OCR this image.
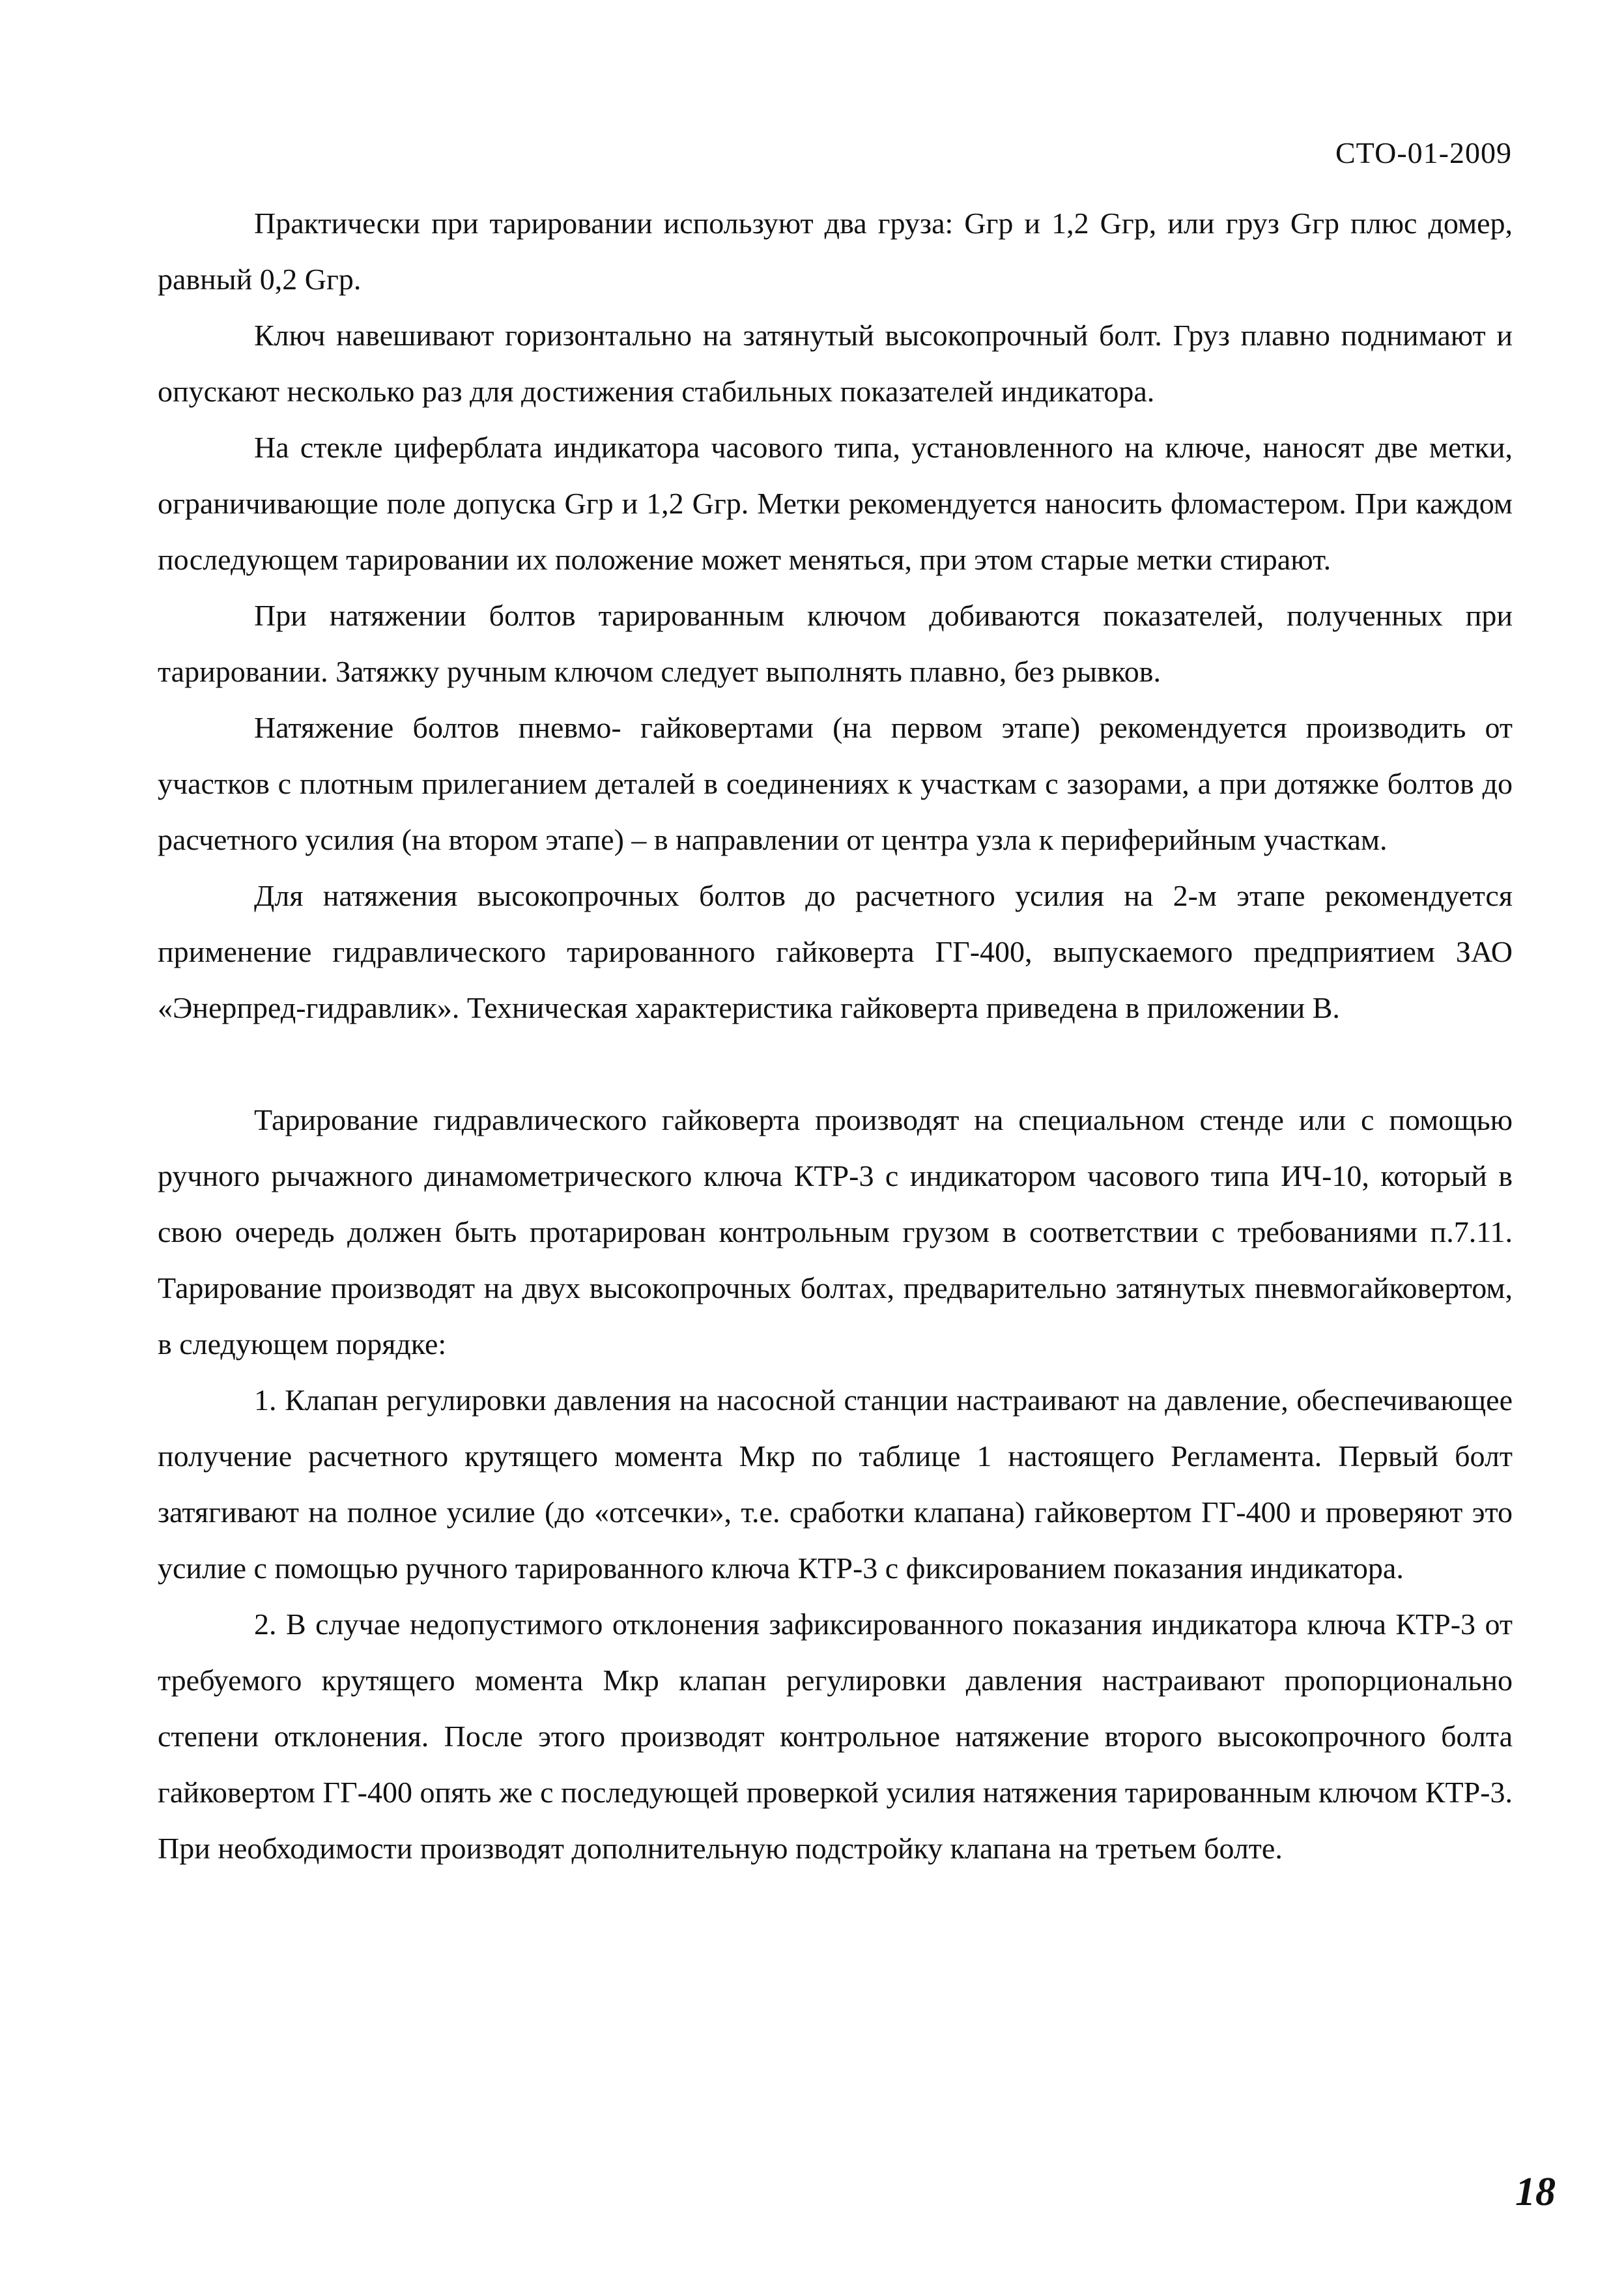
СТО-01-2009

Практически при тарировании используют два груза: Gгр и 1,2 Gгр, или груз Gгр плюс домер, равный 0,2 Gгр.

Ключ навешивают горизонтально на затянутый высокопрочный болт. Груз плавно поднимают и опускают несколько раз для достижения стабильных показателей индикатора.

На стекле циферблата индикатора часового типа, установленного на ключе, наносят две метки, ограничивающие поле допуска Gгр и 1,2 Gгр. Метки рекомендуется наносить фломастером. При каждом последующем тарировании их положение может меняться, при этом старые метки стирают.

При натяжении болтов тарированным ключом добиваются показателей, полученных при тарировании. Затяжку ручным ключом следует выполнять плавно, без рывков.

Натяжение болтов пневмо- гайковертами (на первом этапе) рекомендуется производить от участков с плотным прилеганием деталей в соединениях к участкам с зазорами, а при дотяжке болтов до расчетного усилия (на втором этапе) – в направлении от центра узла к периферийным участкам.

Для натяжения высокопрочных болтов до расчетного усилия на 2-м этапе рекомендуется применение гидравлического тарированного гайковерта ГГ-400, выпускаемого предприятием ЗАО «Энерпред-гидравлик». Техническая характеристика гайковерта приведена в приложении В.

Тарирование гидравлического гайковерта производят на специальном стенде или с помощью ручного рычажного динамометрического ключа КТР-3 с индикатором часового типа ИЧ-10, который в свою очередь должен быть протарирован контрольным грузом в соответствии с требованиями п.7.11. Тарирование производят на двух высокопрочных болтах, предварительно затянутых пневмогайковертом, в следующем порядке:

1. Клапан регулировки давления на насосной станции настраивают на давление, обеспечивающее получение расчетного крутящего момента Мкр по таблице 1 настоящего Регламента. Первый болт затягивают на полное усилие (до «отсечки», т.е. сработки клапана) гайковертом ГГ-400 и проверяют это усилие с помощью ручного тарированного ключа КТР-3 с фиксированием показания индикатора.

2. В случае недопустимого отклонения зафиксированного показания индикатора ключа КТР-3 от требуемого крутящего момента Мкр клапан регулировки давления настраивают пропорционально степени отклонения. После этого производят контрольное натяжение второго высокопрочного болта гайковертом ГГ-400 опять же с последующей проверкой усилия натяжения тарированным ключом КТР-3. При необходимости производят дополнительную подстройку клапана на третьем болте.

18
